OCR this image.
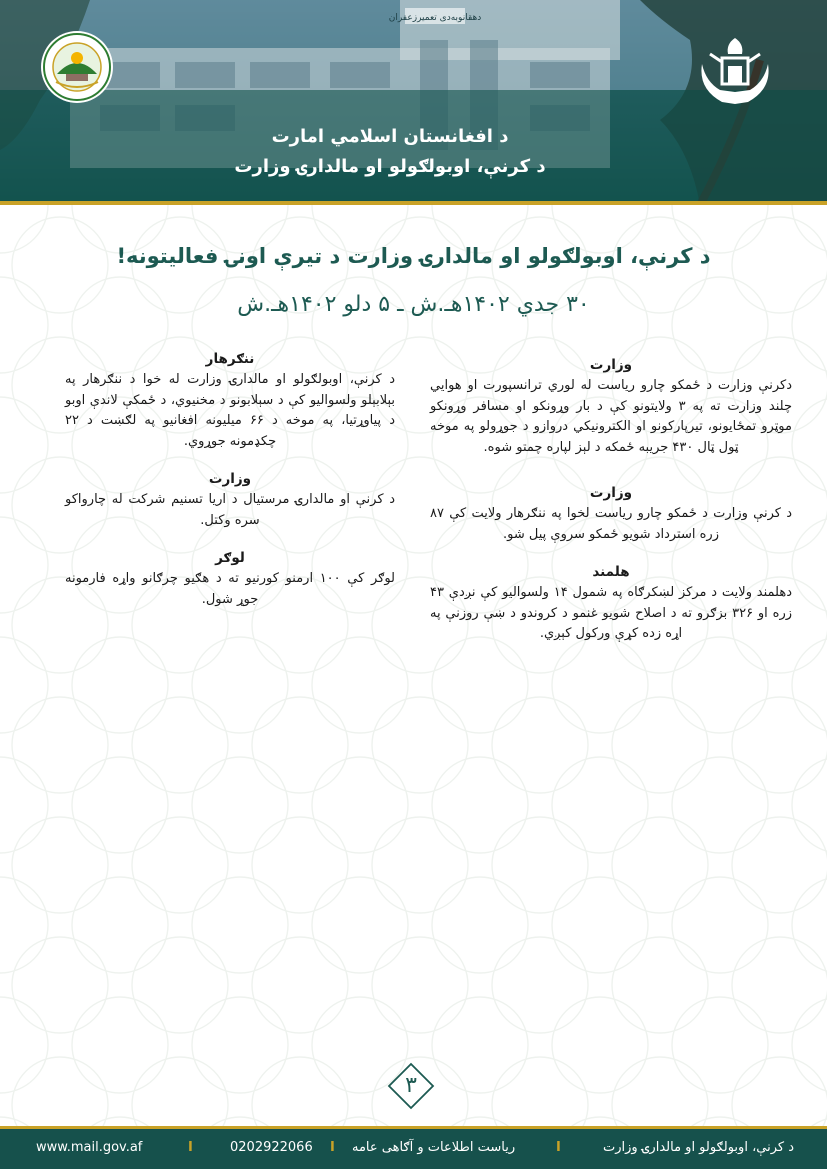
دهقانوبه‌‌دی تعمیرزعفران
د افغانستان اسلامي امارت
د کرنې، اوبولګولو او مالدارۍ وزارت
د کرنې، اوبولګولو او مالدارۍ وزارت د تیرې اونۍ فعالیتونه!
۳۰ جدي ۱۴۰۲هـ.ش ـ ۵ دلو ۱۴۰۲هـ.ش
وزارت

دکرنې وزارت د ځمکو چارو ریاست له لوري ترانسپورت او هوايي چلند وزارت ته په ۳ ولایتونو کې د بار وړونکو او مسافر وړونکو موټرو تمځایونو، تیرپارکونو او الکترونیکي دروازو د جوړولو په موخه ټول ټال ۴۳۰ جریبه ځمکه د لېز لپاره چمتو شوه.

وزارت

د کرنې وزارت د ځمکو چارو ریاست لخوا په ننګرهار ولایت کې ۸۷ زره استرداد شویو ځمکو سروې پیل شو.

هلمند

دهلمند ولایت د مرکز لښکرګاه په شمول ۱۴ ولسوالیو کې نږدې ۴۳ زره او ۳۲۶ بزګرو ته د اصلاح شویو غنمو د کروندو د ښې روزنې په اړه زده کړې ورکول کېږي.

ننګرهار

د کرنې، اوبولګولو او مالدارۍ وزارت له خوا د ننګرهار په بېلابېلو ولسوالیو کې د سېلابونو د مخنیوي، د ځمکې لاندې اوبو د پیاوړتیا، په موخه د ۶۶ میلیونه افغانیو په لګښت د ۲۲ چکډمونه جوړوي.

وزارت

د کرنې او مالدارۍ مرستیال د اریا تسنیم شرکت له چارواکو سره وکتل.

لوګر

لوګر کې ۱۰۰ ارمنو کورنیو ته د هګیو چرګانو واړه فارمونه جوړ شول.

۳
د کرنې، اوبولګولو او مالدارۍ وزارت
I
ریاست اطلاعات و آګاهی عامه
I
0202922066
I
www.mail.gov.af
